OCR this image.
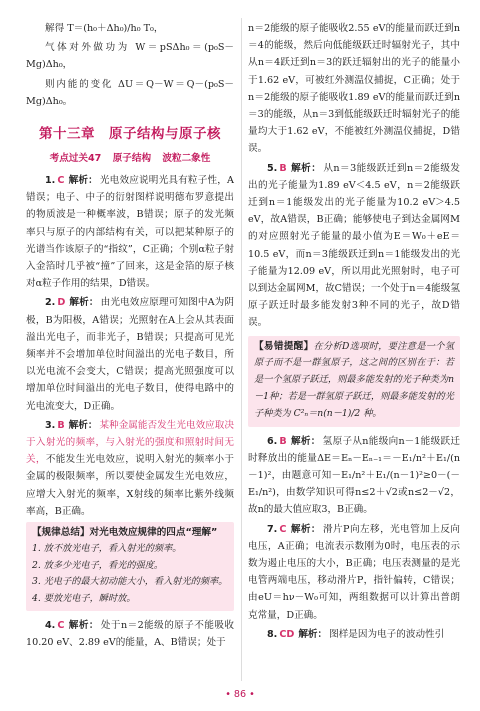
解得 T＝(h₀＋Δh₀)/h₀ T₀，

气体对外做功为 W＝pSΔh₀＝(p₀S－Mg)Δh₀，

则内能的变化 ΔU＝Q－W＝Q－(p₀S－Mg)Δh₀。

第十三章　原子结构与原子核
考点过关47 原子结构 波粒二象性

1. C 解析： 光电效应说明光具有粒子性，A错误；电子、中子的衍射图样说明德布罗意提出的物质波是一种概率波，B错误；原子的发光频率只与原子的内部结构有关，可以把某种原子的光谱当作该原子的“指纹”，C正确；个别α粒子射入金箔时几乎被“撞”了回来，这是金箔的原子核对α粒子作用的结果，D错误。

2. D 解析： 由光电效应原理可知图中A为阴极，B为阳极，A错误；光照射在A上会从其表面溢出光电子，而非光子，B错误；只提高可见光频率并不会增加单位时间溢出的光电子数目，所以光电流不会变大，C错误；提高光照强度可以增加单位时间溢出的光电子数目，使得电路中的光电流变大，D正确。

3. B 解析： 某种金属能否发生光电效应取决于入射光的频率，与入射光的强度和照射时间无关，不能发生光电效应，说明入射光的频率小于金属的极限频率，所以要使金属发生光电效应，应增大入射光的频率，X射线的频率比紫外线频率高，B正确。

【规律总结】对光电效应规律的四点“理解”
1. 放不放光电子，看入射光的频率。
2. 放多少光电子，看光的强度。
3. 光电子的最大初动能大小，看入射光的频率。
4. 要放光电子，瞬时放。

4. C 解析： 处于n＝2能级的原子不能吸收10.20 eV、2.89 eV的能量，A、B错误；处于

n＝2能级的原子能吸收2.55 eV的能量而跃迁到n＝4的能级，然后向低能级跃迁时辐射光子，其中从n＝4跃迁到n＝3的跃迁辐射出的光子的能量小于1.62 eV，可被红外测温仪捕捉，C正确；处于n＝2能级的原子能吸收1.89 eV的能量而跃迁到n＝3的能级，从n＝3到低能级跃迁时辐射光子的能量均大于1.62 eV，不能被红外测温仪捕捉，D错误。

5. B 解析： 从n＝3能级跃迁到n＝2能级发出的光子能量为1.89 eV＜4.5 eV，n＝2能级跃迁到n＝1能级发出的光子能量为10.2 eV＞4.5 eV，故A错误，B正确；能够使电子到达金属网M的对应照射光子能量的最小值为E＝W₀＋eE＝10.5 eV，而n＝3能级跃迁到n＝1能级发出的光子能量为12.09 eV，所以用此光照射时，电子可以到达金属网M，故C错误；一个处于n＝4能级氢原子跃迁时最多能发射3种不同的光子，故D错误。

【易错提醒】在分析D选项时，要注意是一个氢原子而不是一群氢原子，这之间的区别在于：若是一个氢原子跃迁，则最多能发射的光子种类为n－1种；若是一群氢原子跃迁，则最多能发射的光子种类为 C²ₙ＝n(n－1)/2 种。

6. B 解析： 氢原子从n能级向n－1能级跃迁时释放出的能量ΔE＝Eₙ－Eₙ₋₁＝－E₁/n²＋E₁/(n－1)²，由题意可知－E₁/n²＋E₁/(n－1)²≥0－(－E₁/n²)，由数学知识可得n≤2＋√2或n≤2－√2，故n的最大值应取3，B正确。

7. C 解析： 滑片P向左移，光电管加上反向电压，A正确；电流表示数刚为0时，电压表的示数为遏止电压的大小，B正确；电压表测量的是光电管两端电压，移动滑片P，指针偏转，C错误；由eU＝hν－W₀可知，两组数据可以计算出普朗克常量，D正确。

8. CD 解析： 图样是因为电子的波动性引

• 86 •
